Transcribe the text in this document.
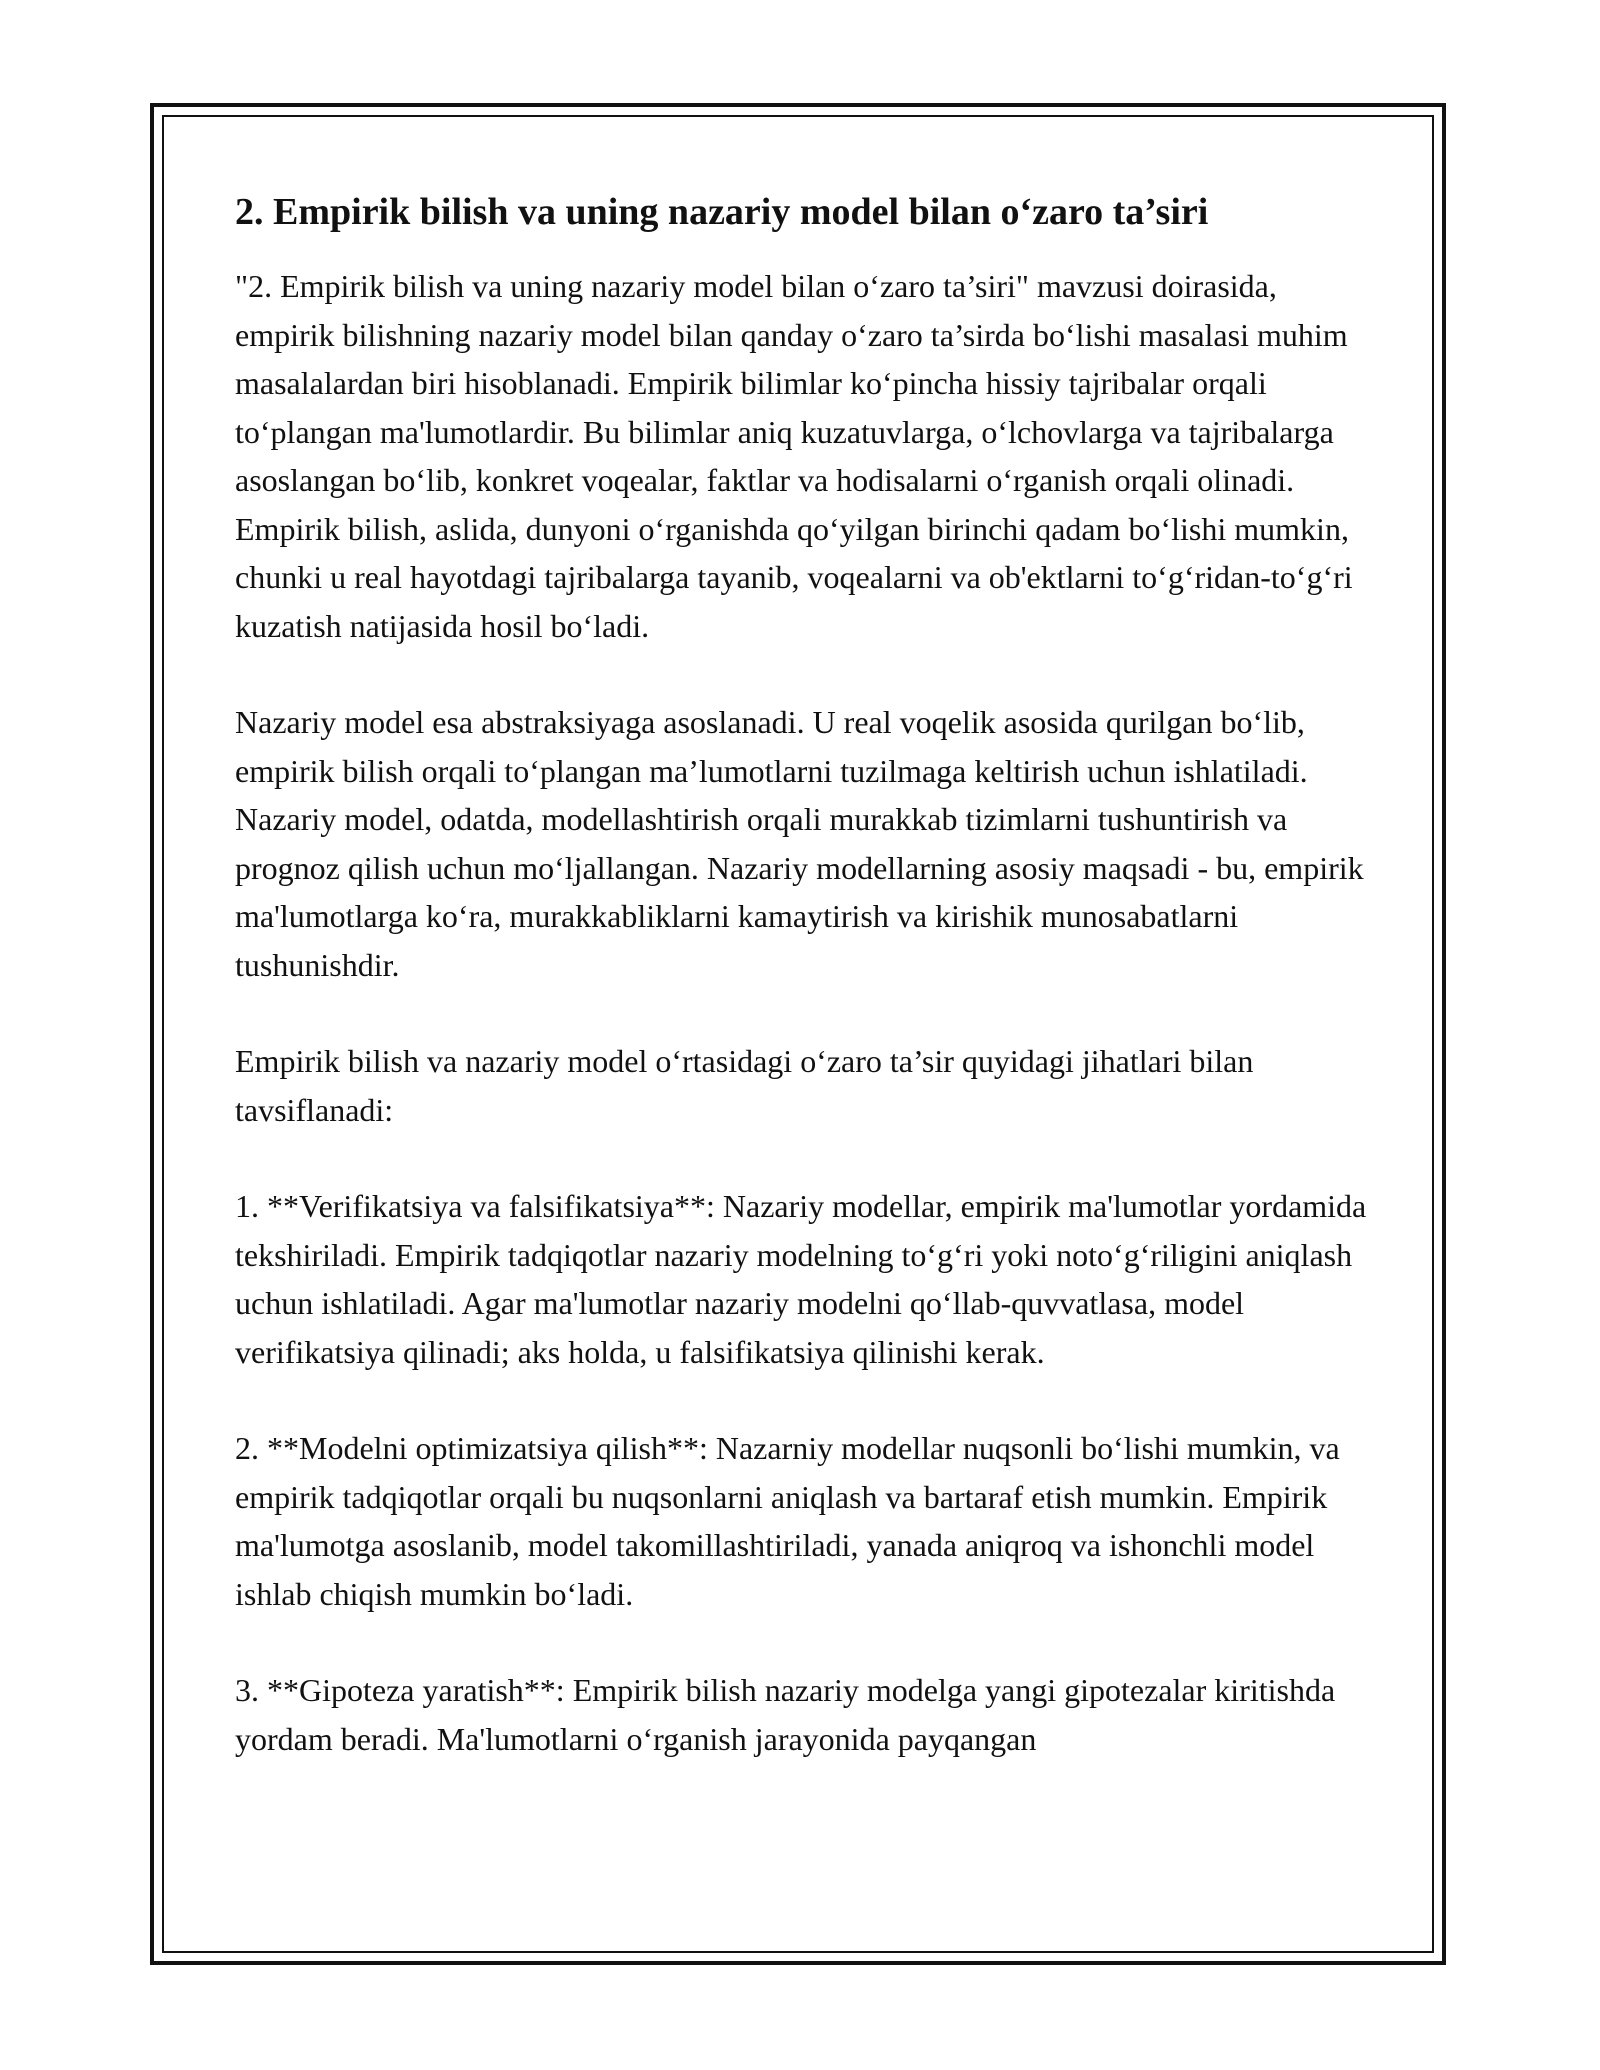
2. Empirik bilish va uning nazariy model bilan o‘zaro ta’siri

"2. Empirik bilish va uning nazariy model bilan o‘zaro ta’siri" mavzusi doirasida, empirik bilishning nazariy model bilan qanday o‘zaro ta’sirda bo‘lishi masalasi muhim masalalardan biri hisoblanadi. Empirik bilimlar ko‘pincha hissiy tajribalar orqali to‘plangan ma'lumotlardir. Bu bilimlar aniq kuzatuvlarga, o‘lchovlarga va tajribalarga asoslangan bo‘lib, konkret voqealar, faktlar va hodisalarni o‘rganish orqali olinadi. Empirik bilish, aslida, dunyoni o‘rganishda qo‘yilgan birinchi qadam bo‘lishi mumkin, chunki u real hayotdagi tajribalarga tayanib, voqealarni va ob'ektlarni to‘g‘ridan-to‘g‘ri kuzatish natijasida hosil bo‘ladi.

Nazariy model esa abstraksiyaga asoslanadi. U real voqelik asosida qurilgan bo‘lib, empirik bilish orqali to‘plangan ma’lumotlarni tuzilmaga keltirish uchun ishlatiladi. Nazariy model, odatda, modellashtirish orqali murakkab tizimlarni tushuntirish va prognoz qilish uchun mo‘ljallangan. Nazariy modellarning asosiy maqsadi - bu, empirik ma'lumotlarga ko‘ra, murakkabliklarni kamaytirish va kirishik munosabatlarni tushunishdir.

Empirik bilish va nazariy model o‘rtasidagi o‘zaro ta’sir quyidagi jihatlari bilan tavsiflanadi:

1. **Verifikatsiya va falsifikatsiya**: Nazariy modellar, empirik ma'lumotlar yordamida tekshiriladi. Empirik tadqiqotlar nazariy modelning to‘g‘ri yoki noto‘g‘riligini aniqlash uchun ishlatiladi. Agar ma'lumotlar nazariy modelni qo‘llab-quvvatlasa, model verifikatsiya qilinadi; aks holda, u falsifikatsiya qilinishi kerak.

2. **Modelni optimizatsiya qilish**: Nazarniy modellar nuqsonli bo‘lishi mumkin, va empirik tadqiqotlar orqali bu nuqsonlarni aniqlash va bartaraf etish mumkin. Empirik ma'lumotga asoslanib, model takomillashtiriladi, yanada aniqroq va ishonchli model ishlab chiqish mumkin bo‘ladi.

3. **Gipoteza yaratish**: Empirik bilish nazariy modelga yangi gipotezalar kiritishda yordam beradi. Ma'lumotlarni o‘rganish jarayonida payqangan
